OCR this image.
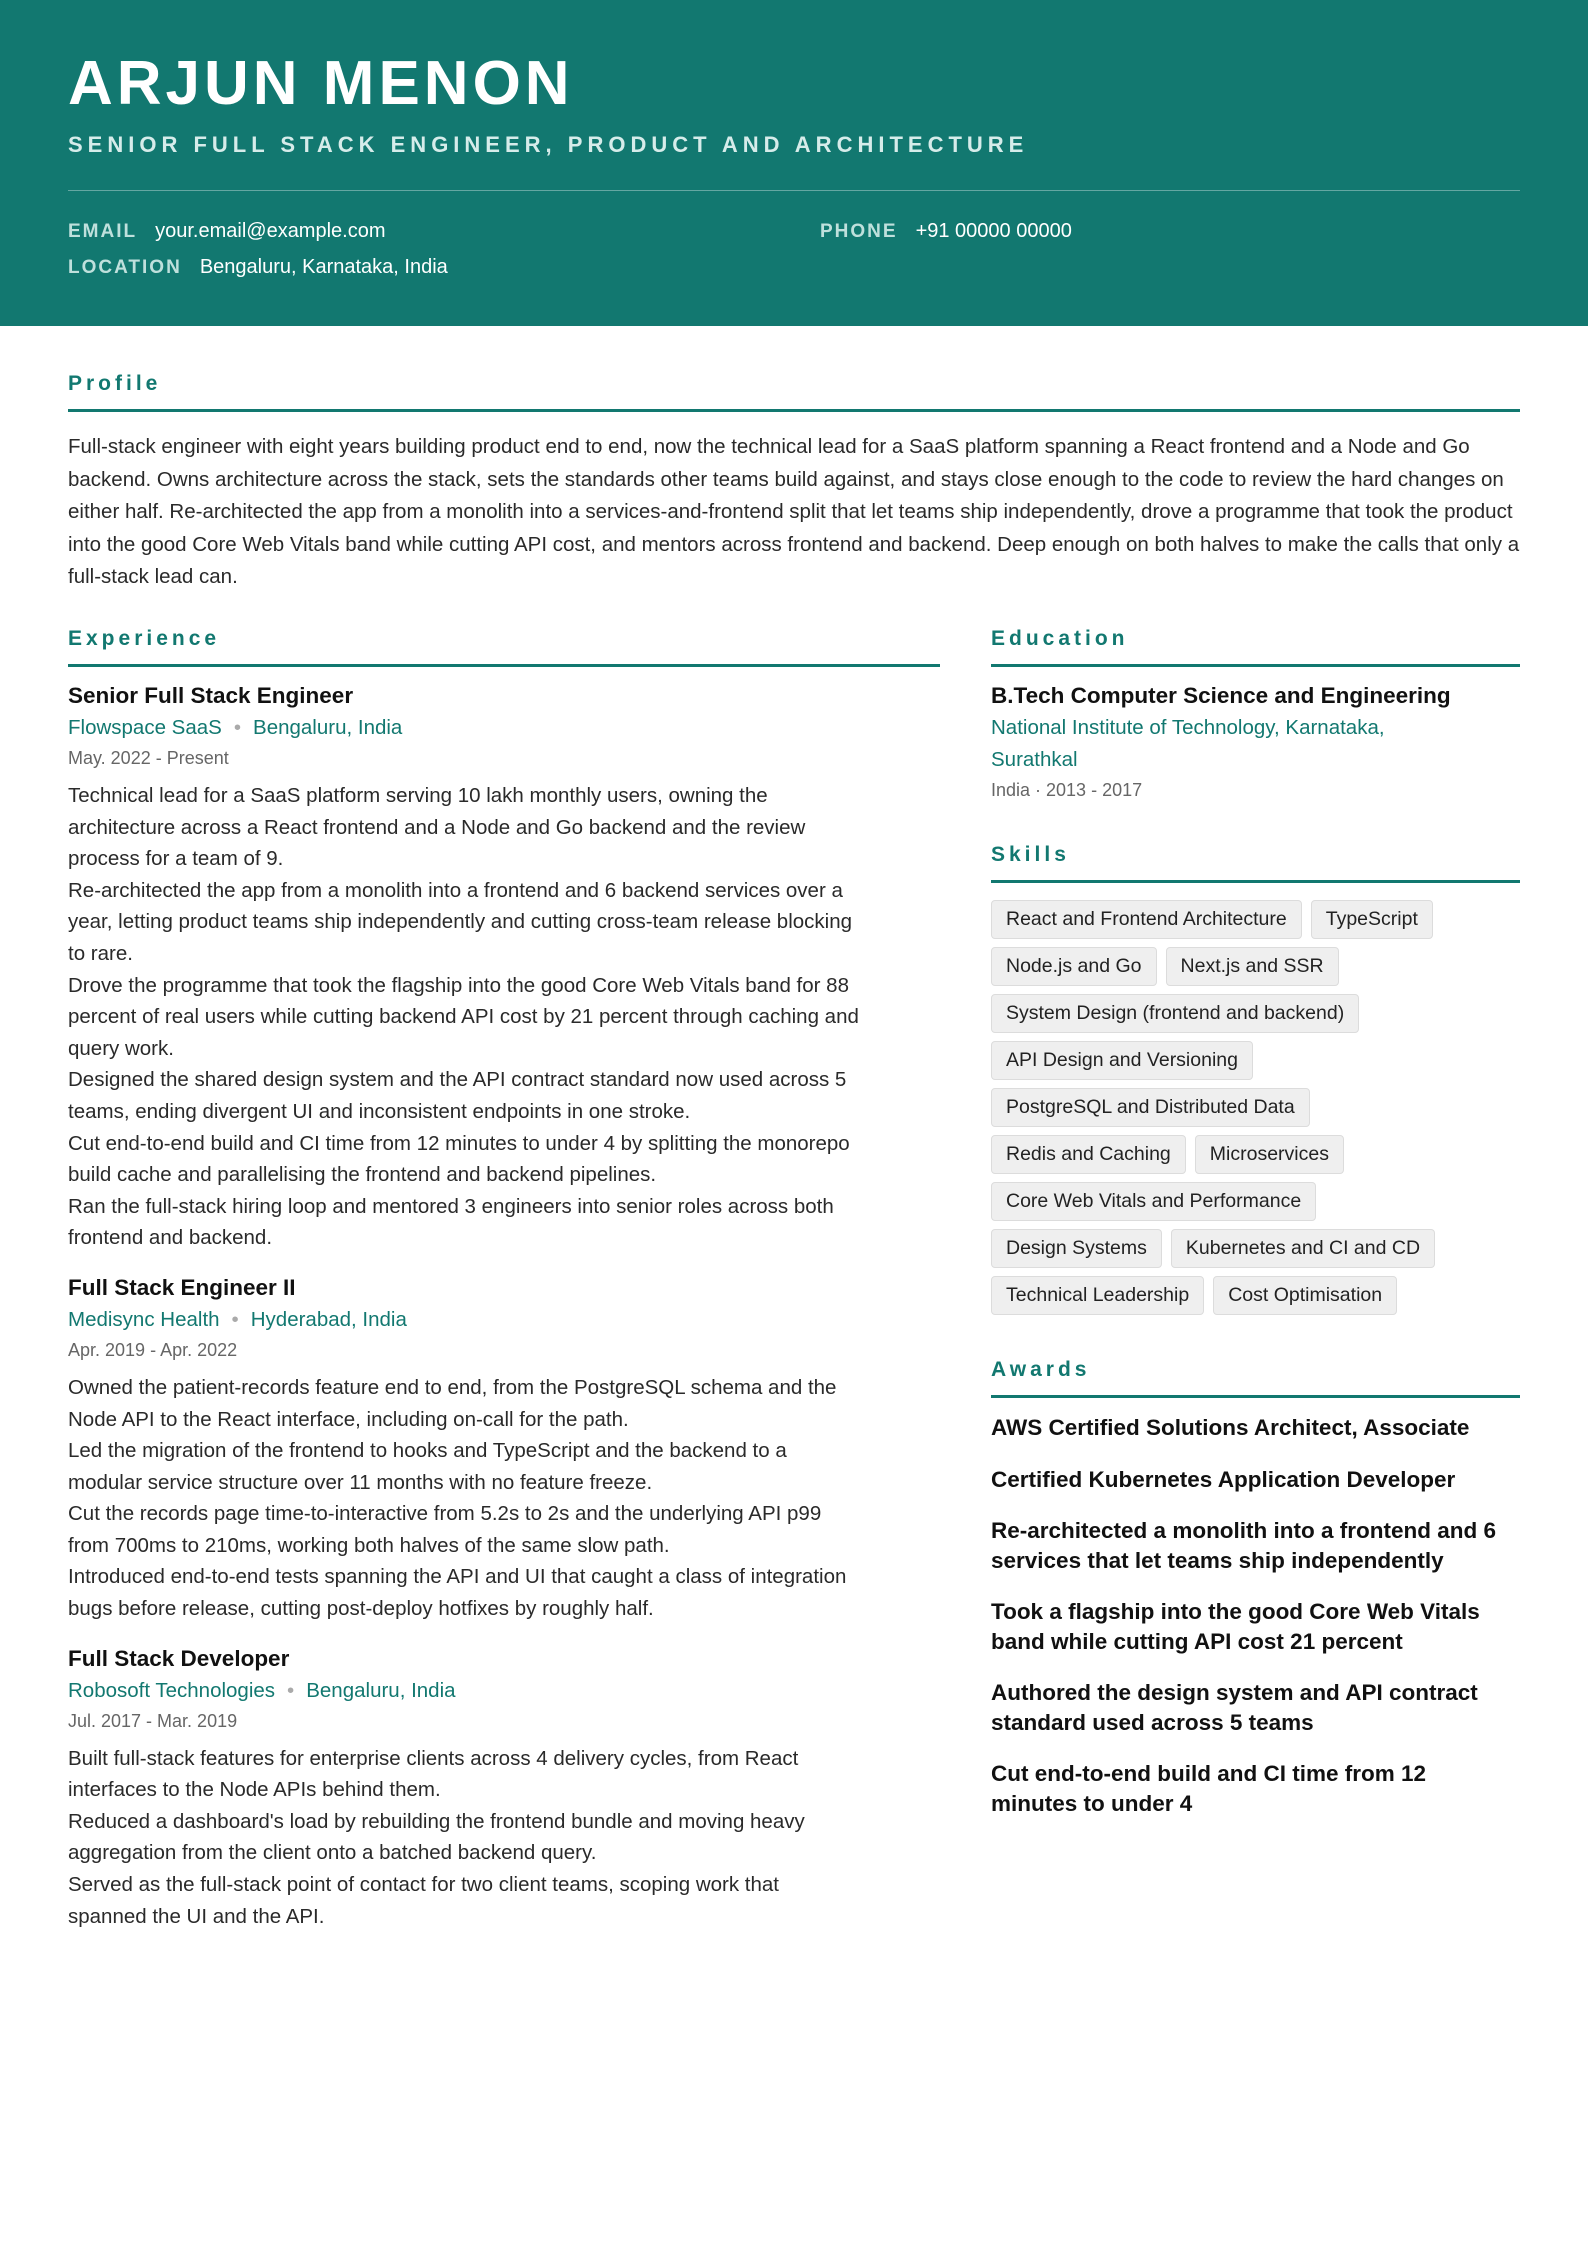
ARJUN MENON
SENIOR FULL STACK ENGINEER, PRODUCT AND ARCHITECTURE
EMAIL your.email@example.com	PHONE +91 00000 00000
LOCATION Bengaluru, Karnataka, India
Profile
Full-stack engineer with eight years building product end to end, now the technical lead for a SaaS platform spanning a React frontend and a Node and Go backend. Owns architecture across the stack, sets the standards other teams build against, and stays close enough to the code to review the hard changes on either half. Re-architected the app from a monolith into a services-and-frontend split that let teams ship independently, drove a programme that took the product into the good Core Web Vitals band while cutting API cost, and mentors across frontend and backend. Deep enough on both halves to make the calls that only a full-stack lead can.
Experience
Senior Full Stack Engineer
Flowspace SaaS • Bengaluru, India
May. 2022 - Present
Technical lead for a SaaS platform serving 10 lakh monthly users, owning the
architecture across a React frontend and a Node and Go backend and the review
process for a team of 9.
Re-architected the app from a monolith into a frontend and 6 backend services over a
year, letting product teams ship independently and cutting cross-team release blocking
to rare.
Drove the programme that took the flagship into the good Core Web Vitals band for 88
percent of real users while cutting backend API cost by 21 percent through caching and
query work.
Designed the shared design system and the API contract standard now used across 5
teams, ending divergent UI and inconsistent endpoints in one stroke.
Cut end-to-end build and CI time from 12 minutes to under 4 by splitting the monorepo
build cache and parallelising the frontend and backend pipelines.
Ran the full-stack hiring loop and mentored 3 engineers into senior roles across both
frontend and backend.
Full Stack Engineer II
Medisync Health • Hyderabad, India
Apr. 2019 - Apr. 2022
Owned the patient-records feature end to end, from the PostgreSQL schema and the
Node API to the React interface, including on-call for the path.
Led the migration of the frontend to hooks and TypeScript and the backend to a
modular service structure over 11 months with no feature freeze.
Cut the records page time-to-interactive from 5.2s to 2s and the underlying API p99
from 700ms to 210ms, working both halves of the same slow path.
Introduced end-to-end tests spanning the API and UI that caught a class of integration
bugs before release, cutting post-deploy hotfixes by roughly half.
Full Stack Developer
Robosoft Technologies • Bengaluru, India
Jul. 2017 - Mar. 2019
Built full-stack features for enterprise clients across 4 delivery cycles, from React
interfaces to the Node APIs behind them.
Reduced a dashboard's load by rebuilding the frontend bundle and moving heavy
aggregation from the client onto a batched backend query.
Served as the full-stack point of contact for two client teams, scoping work that
spanned the UI and the API.
Education
B.Tech Computer Science and Engineering
National Institute of Technology, Karnataka,
Surathkal
India · 2013 - 2017
Skills
React and Frontend Architecture	TypeScript
Node.js and Go	Next.js and SSR
System Design (frontend and backend)
API Design and Versioning
PostgreSQL and Distributed Data
Redis and Caching	Microservices
Core Web Vitals and Performance
Design Systems	Kubernetes and CI and CD
Technical Leadership	Cost Optimisation
Awards
AWS Certified Solutions Architect, Associate
Certified Kubernetes Application Developer
Re-architected a monolith into a frontend and 6
services that let teams ship independently
Took a flagship into the good Core Web Vitals
band while cutting API cost 21 percent
Authored the design system and API contract
standard used across 5 teams
Cut end-to-end build and CI time from 12
minutes to under 4
